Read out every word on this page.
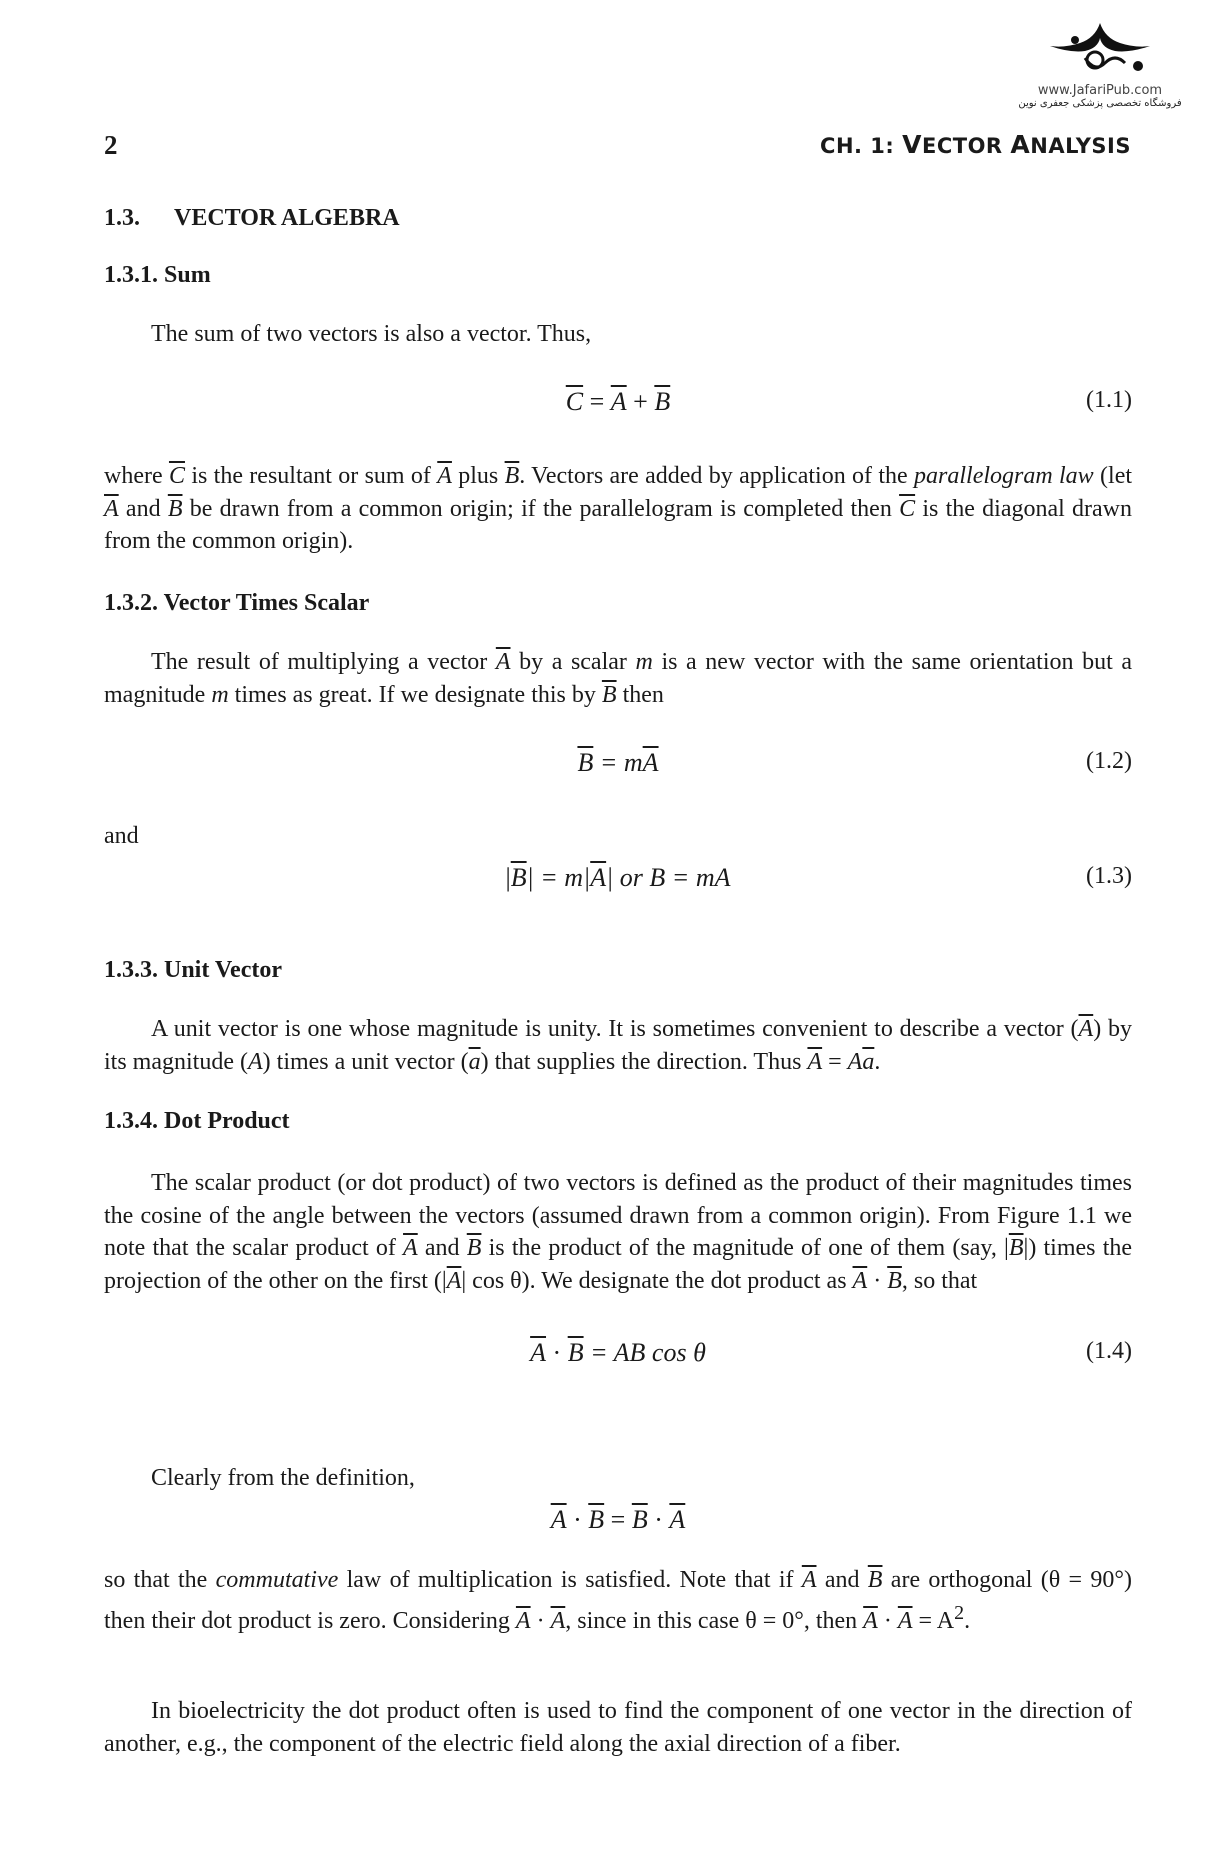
www.JafariPub.com
فروشگاه تخصصی پزشکی جعفری نوین
2	CH. 1: VECTOR ANALYSIS
1.3. VECTOR ALGEBRA
1.3.1. Sum

The sum of two vectors is also a vector. Thus,

$\overline{C} = \overline{A} + \overline{B}$	(1.1)

where $\overline{C}$ is the resultant or sum of $\overline{A}$ plus $\overline{B}$. Vectors are added by application of the parallelogram law (let $\overline{A}$ and $\overline{B}$ be drawn from a common origin; if the parallelogram is completed then $\overline{C}$ is the diagonal drawn from the common origin).

1.3.2. Vector Times Scalar

The result of multiplying a vector $\overline{A}$ by a scalar m is a new vector with the same orientation but a magnitude m times as great. If we designate this by $\overline{B}$ then

$\overline{B} = m\overline{A}$	(1.2)

and

$|\overline{B}| = m|\overline{A}|$ or B = mA	(1.3)
1.3.3. Unit Vector

A unit vector is one whose magnitude is unity. It is sometimes convenient to describe a vector $(\overline{A})$ by its magnitude (A) times a unit vector $(\overline{a})$ that supplies the direction. Thus $\overline{A} = A\overline{a}$.

1.3.4. Dot Product

The scalar product (or dot product) of two vectors is defined as the product of their magnitudes times the cosine of the angle between the vectors (assumed drawn from a common origin). From Figure 1.1 we note that the scalar product of $\overline{A}$ and $\overline{B}$ is the product of the magnitude of one of them (say, $|\overline{B}|$) times the projection of the other on the first ($|\overline{A}|$ cos θ). We designate the dot product as $\overline{A} \cdot \overline{B}$, so that

$\overline{A} \cdot \overline{B}$ = AB cos θ	(1.4)

Clearly from the definition,

$\overline{A} \cdot \overline{B} = \overline{B} \cdot \overline{A}$

so that the commutative law of multiplication is satisfied. Note that if $\overline{A}$ and $\overline{B}$ are orthogonal (θ = 90°) then their dot product is zero. Considering $\overline{A} \cdot \overline{A}$, since in this case θ = 0°, then $\overline{A} \cdot \overline{A} = A^2$.

In bioelectricity the dot product often is used to find the component of one vector in the direction of another, e.g., the component of the electric field along the axial direction of a fiber.
